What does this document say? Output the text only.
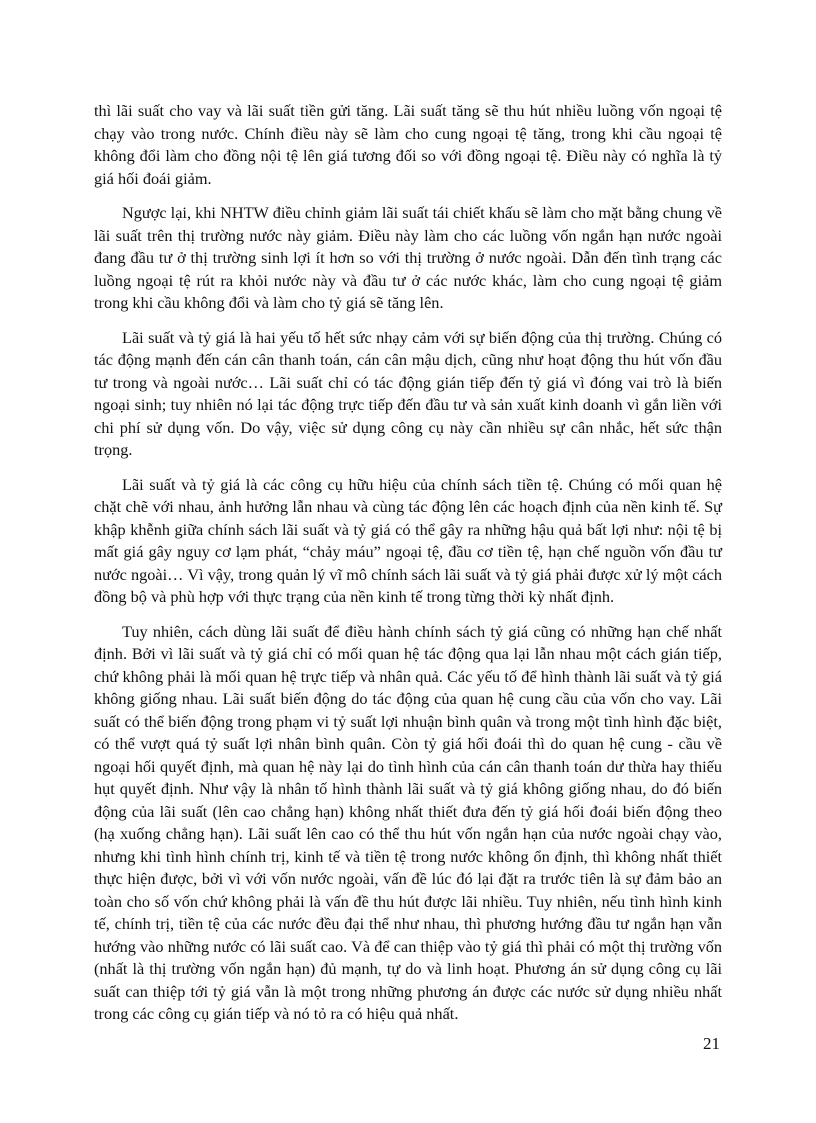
thì lãi suất cho vay và lãi suất tiền gửi tăng. Lãi suất tăng sẽ thu hút nhiều luồng vốn ngoại tệ chạy vào trong nước. Chính điều này sẽ làm cho cung ngoại tệ tăng, trong khi cầu ngoại tệ không đổi làm cho đồng nội tệ lên giá tương đối so với đồng ngoại tệ. Điều này có nghĩa là tỷ giá hối đoái giảm.

Ngược lại, khi NHTW điều chỉnh giảm lãi suất tái chiết khấu sẽ làm cho mặt bằng chung về lãi suất trên thị trường nước này giảm. Điều này làm cho các luồng vốn ngắn hạn nước ngoài đang đầu tư ở thị trường sinh lợi ít hơn so với thị trường ở nước ngoài. Dẫn đến tình trạng các luồng ngoại tệ rút ra khỏi nước này và đầu tư ở các nước khác, làm cho cung ngoại tệ giảm trong khi cầu không đổi và làm cho tỷ giá sẽ tăng lên.

Lãi suất và tỷ giá là hai yếu tố hết sức nhạy cảm với sự biến động của thị trường. Chúng có tác động mạnh đến cán cân thanh toán, cán cân mậu dịch, cũng như hoạt động thu hút vốn đầu tư trong và ngoài nước… Lãi suất chỉ có tác động gián tiếp đến tỷ giá vì đóng vai trò là biến ngoại sinh; tuy nhiên nó lại tác động trực tiếp đến đầu tư và sản xuất kinh doanh vì gắn liền với chi phí sử dụng vốn. Do vậy, việc sử dụng công cụ này cần nhiều sự cân nhắc, hết sức thận trọng.

Lãi suất và tỷ giá là các công cụ hữu hiệu của chính sách tiền tệ. Chúng có mối quan hệ chặt chẽ với nhau, ảnh hưởng lẫn nhau và cùng tác động lên các hoạch định của nền kinh tế. Sự khập khễnh giữa chính sách lãi suất và tỷ giá có thể gây ra những hậu quả bất lợi như: nội tệ bị mất giá gây nguy cơ lạm phát, “chảy máu” ngoại tệ, đầu cơ tiền tệ, hạn chế nguồn vốn đầu tư nước ngoài… Vì vậy, trong quản lý vĩ mô chính sách lãi suất và tỷ giá phải được xử lý một cách đồng bộ và phù hợp với thực trạng của nền kinh tế trong từng thời kỳ nhất định.

Tuy nhiên, cách dùng lãi suất để điều hành chính sách tỷ giá cũng có những hạn chế nhất định. Bởi vì lãi suất và tỷ giá chỉ có mối quan hệ tác động qua lại lẫn nhau một cách gián tiếp, chứ không phải là mối quan hệ trực tiếp và nhân quả. Các yếu tố để hình thành lãi suất và tỷ giá không giống nhau. Lãi suất biến động do tác động của quan hệ cung cầu của vốn cho vay. Lãi suất có thể biến động trong phạm vi tỷ suất lợi nhuận bình quân và trong một tình hình đặc biệt, có thể vượt quá tỷ suất lợi nhân bình quân. Còn tỷ giá hối đoái thì do quan hệ cung - cầu về ngoại hối quyết định, mà quan hệ này lại do tình hình của cán cân thanh toán dư thừa hay thiếu hụt quyết định. Như vậy là nhân tố hình thành lãi suất và tỷ giá không giống nhau, do đó biến động của lãi suất (lên cao chẳng hạn) không nhất thiết đưa đến tỷ giá hối đoái biến động theo (hạ xuống chẳng hạn). Lãi suất lên cao có thể thu hút vốn ngắn hạn của nước ngoài chạy vào, nhưng khi tình hình chính trị, kinh tế và tiền tệ trong nước không ổn định, thì không nhất thiết thực hiện được, bởi vì với vốn nước ngoài, vấn đề lúc đó lại đặt ra trước tiên là sự đảm bảo an toàn cho số vốn chứ không phải là vấn đề thu hút được lãi nhiều. Tuy nhiên, nếu tình hình kinh tế, chính trị, tiền tệ của các nước đều đại thể như nhau, thì phương hướng đầu tư ngắn hạn vẫn hướng vào những nước có lãi suất cao. Và để can thiệp vào tỷ giá thì phải có một thị trường vốn (nhất là thị trường vốn ngắn hạn) đủ mạnh, tự do và linh hoạt. Phương án sử dụng công cụ lãi suất can thiệp tới tỷ giá vẫn là một trong những phương án được các nước sử dụng nhiều nhất trong các công cụ gián tiếp và nó tỏ ra có hiệu quả nhất.

21
